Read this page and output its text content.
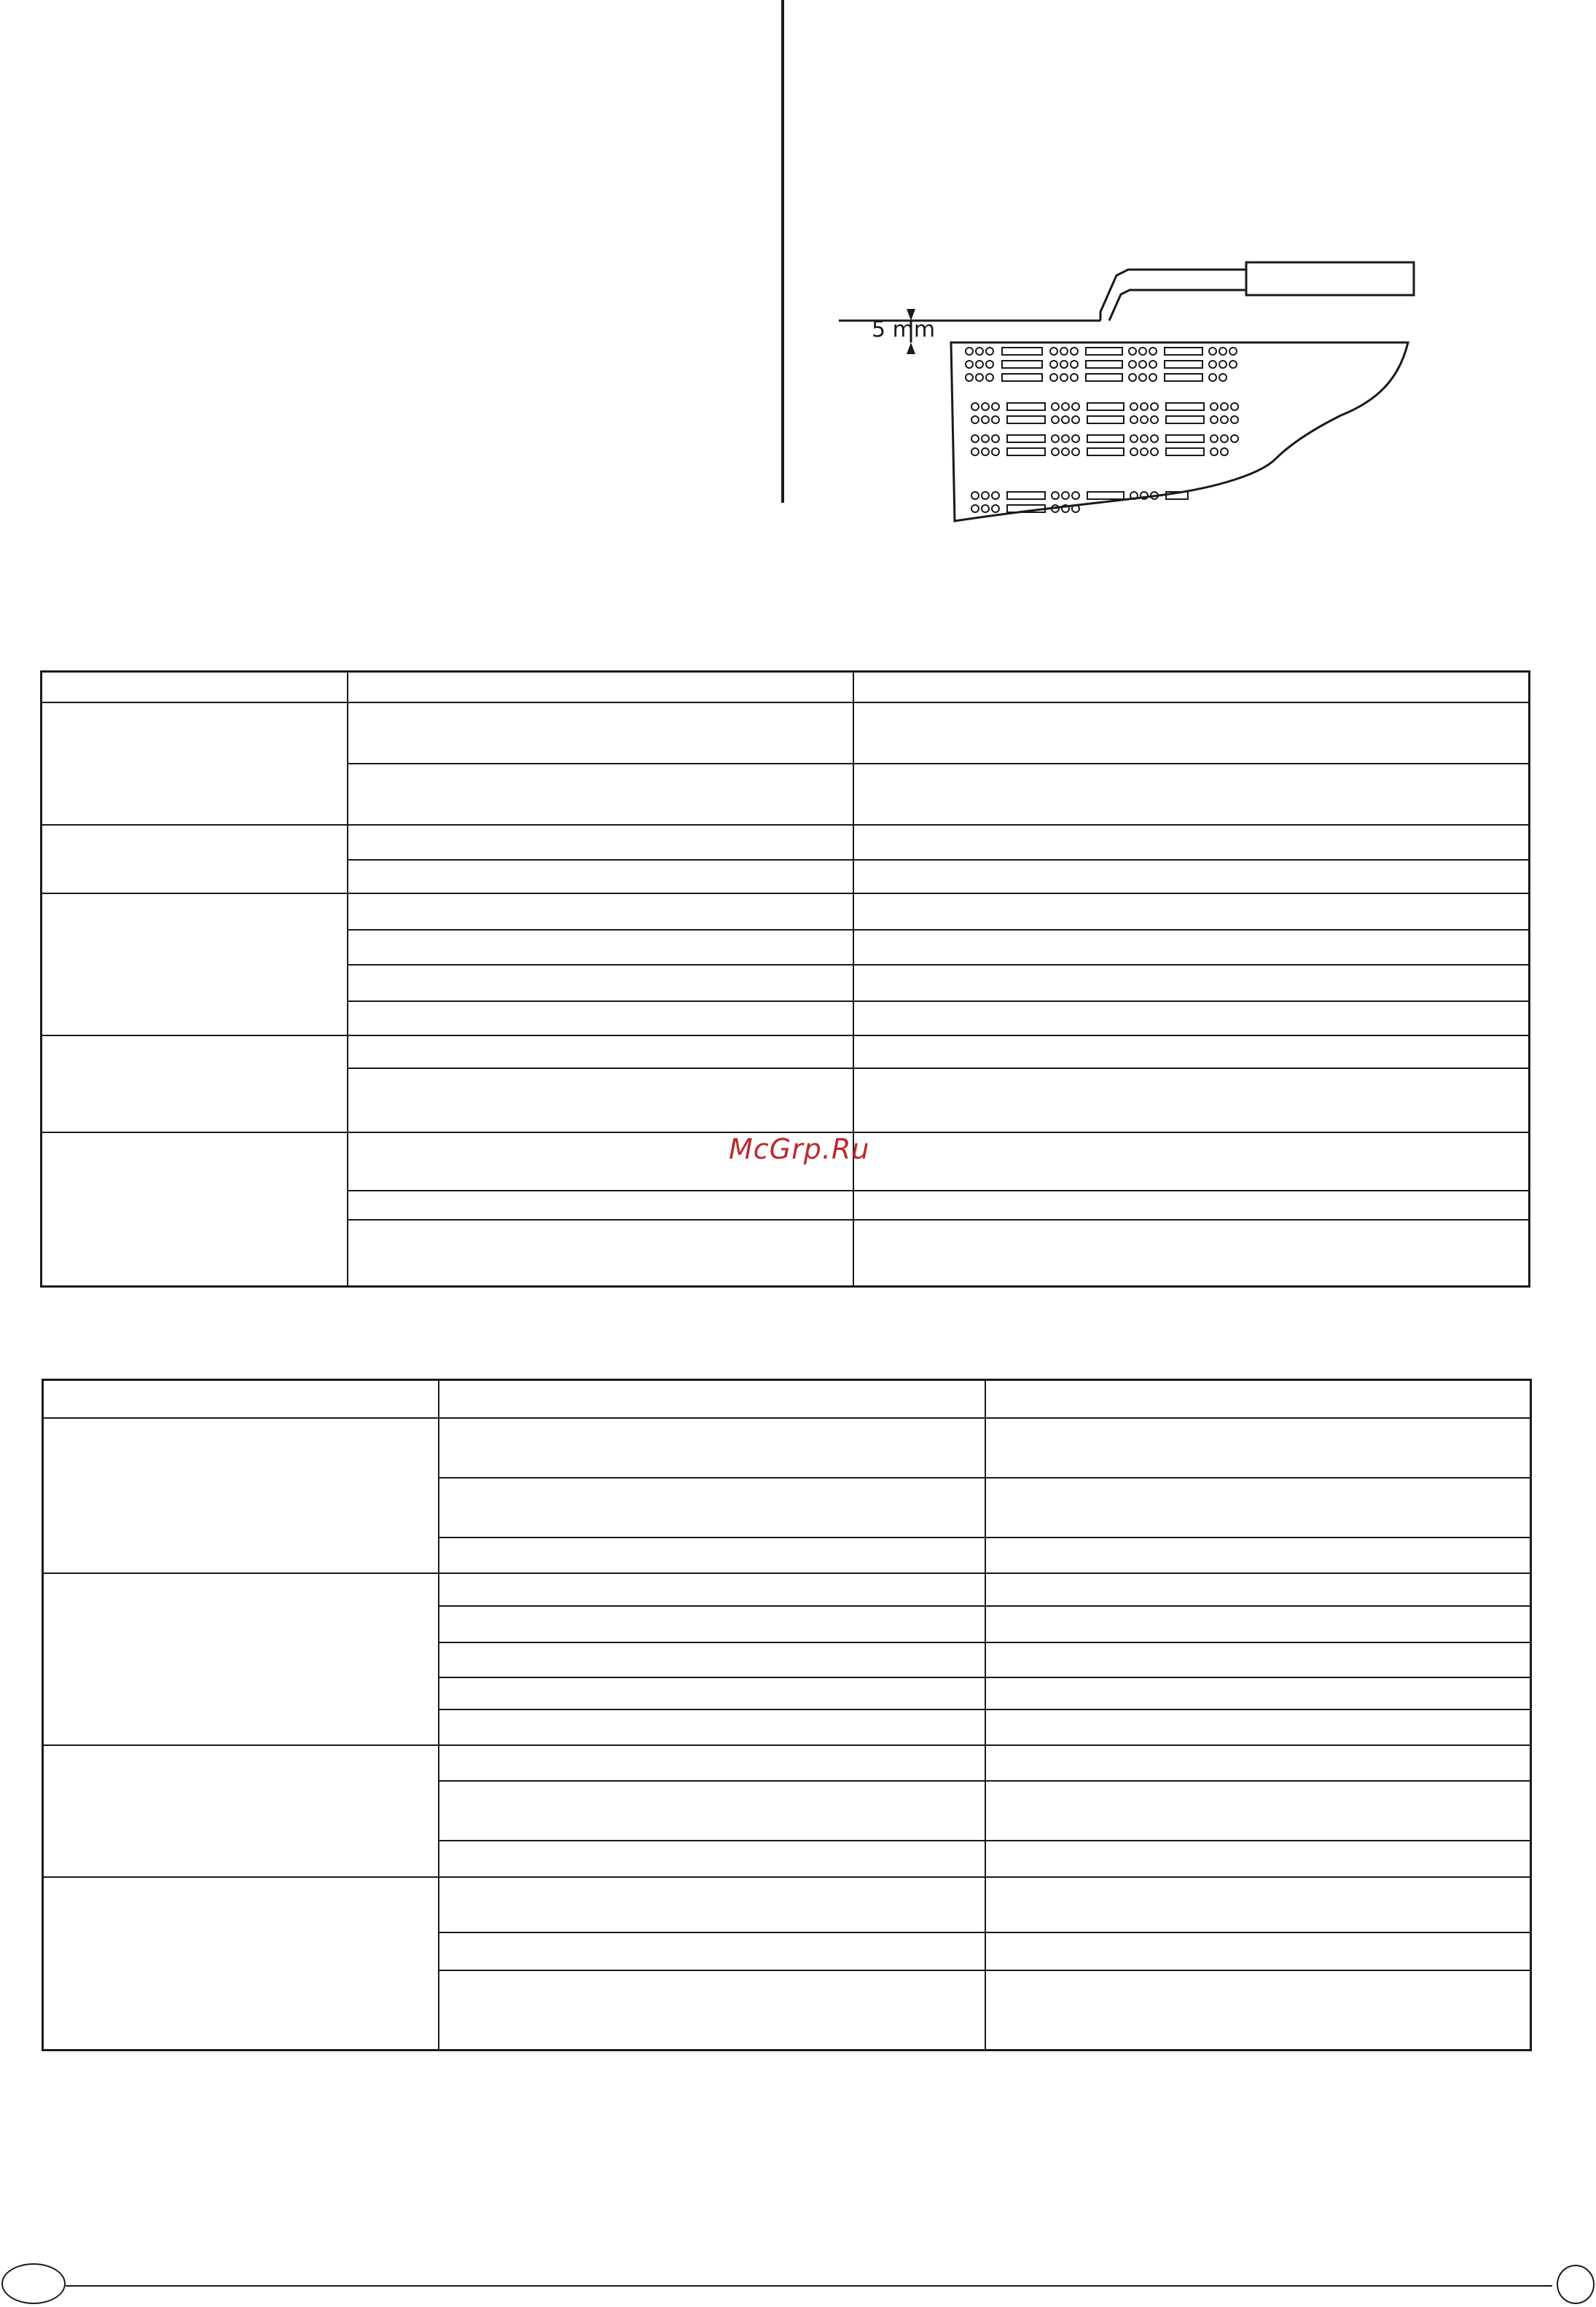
5 mm
McGrp.Ru
